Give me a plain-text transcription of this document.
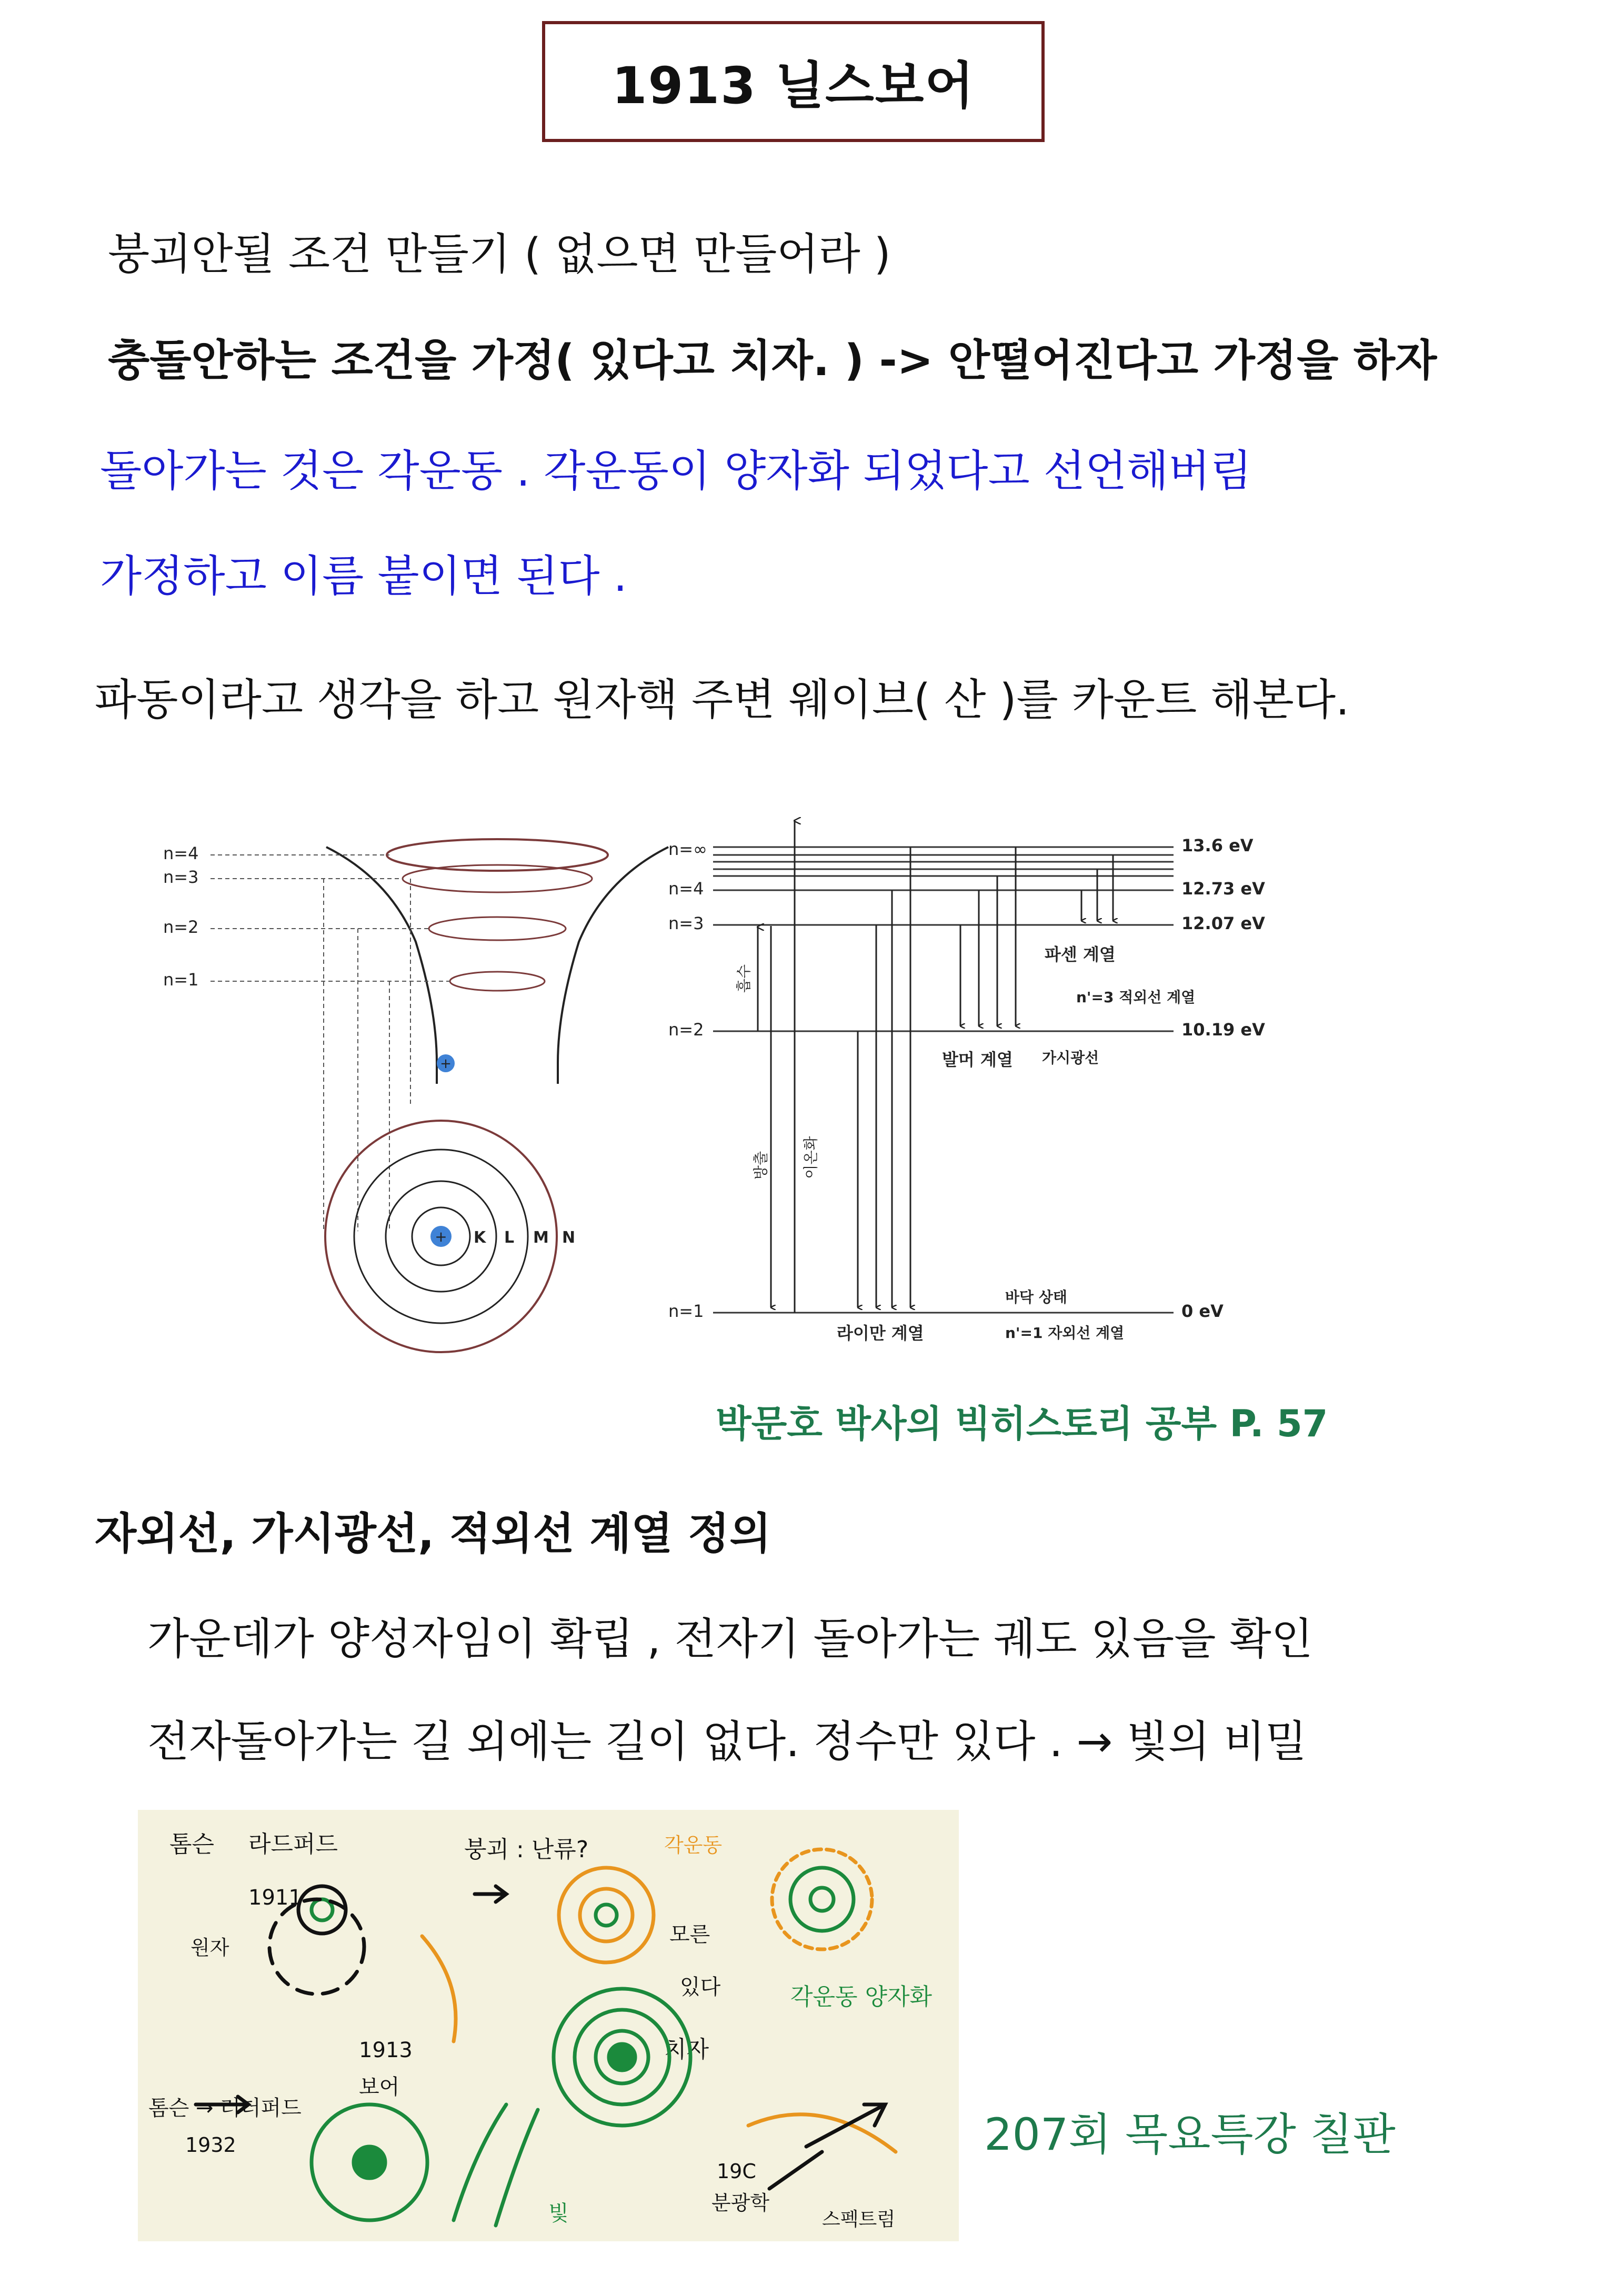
1913 닐스보어
붕괴안될 조건 만들기 ( 없으면 만들어라 )
충돌안하는 조건을 가정( 있다고 치자. ) -> 안떨어진다고 가정을 하자
돌아가는 것은 각운동 . 각운동이 양자화 되었다고 선언해버림
가정하고 이름 붙이면 된다 .
파동이라고 생각을 하고 원자핵 주변 웨이브( 산 )를 카운트 해본다.
+
n=4
n=3
n=2
n=1
+ K L M N
n=∞
n=4
n=3
n=2
n=1
13.6 eV
12.73 eV
12.07 eV
10.19 eV
0 eV
흡수
방출 이온화
파센 계열
n'=3 적외선 계열
발머 계열 가시광선
바닥 상태
라이만 계열	n'=1 자외선 계열
박문호 박사의 빅히스토리 공부 P. 57
자외선, 가시광선, 적외선 계열 정의
가운데가 양성자임이 확립 , 전자기 돌아가는 궤도 있음을 확인
전자돌아가는 길 외에는 길이 없다. 정수만 있다 . → 빛의 비밀
톰슨 라드퍼드
1911
원자
붕괴 : 난류?	각운동
모른
있다
치자
각운동 양자화
1913
보어
1932
톰슨 → 러더퍼드
빛
19C
분광학
스펙트럼
207회 목요특강 칠판
